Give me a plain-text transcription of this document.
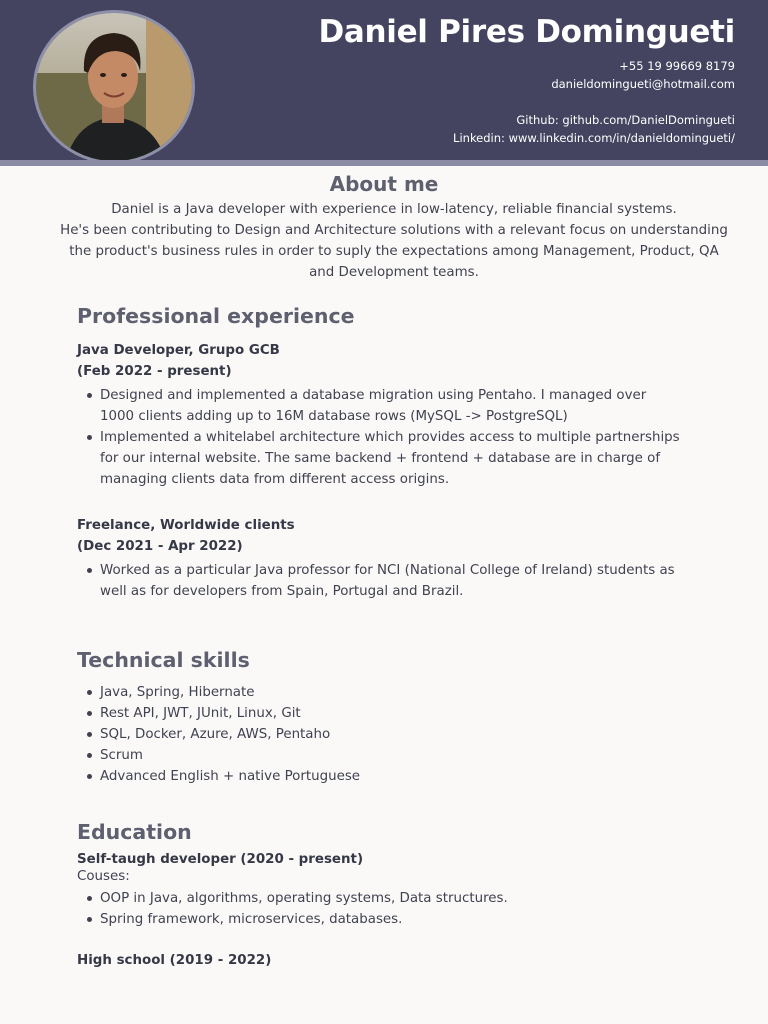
Daniel Pires Domingueti
+55 19 99669 8179
danieldomingueti@hotmail.com
Github: github.com/DanielDomingueti
Linkedin: www.linkedin.com/in/danieldomingueti/
About me
Daniel is a Java developer with experience in low-latency, reliable financial systems.
He's been contributing to Design and Architecture solutions with a relevant focus on understanding
the product's business rules in order to suply the expectations among Management, Product, QA
and Development teams.
Professional experience
Java Developer, Grupo GCB
(Feb 2022 - present)
Designed and implemented a database migration using Pentaho. I managed over
1000 clients adding up to 16M database rows (MySQL -> PostgreSQL)
Implemented a whitelabel architecture which provides access to multiple partnerships
for our internal website. The same backend + frontend + database are in charge of
managing clients data from different access origins.
Freelance, Worldwide clients
(Dec 2021 - Apr 2022)
Worked as a particular Java professor for NCI (National College of Ireland) students as
well as for developers from Spain, Portugal and Brazil.
Technical skills
Java, Spring, Hibernate
Rest API, JWT, JUnit, Linux, Git
SQL, Docker, Azure, AWS, Pentaho
Scrum
Advanced English + native Portuguese
Education
Self-taugh developer (2020 - present)
Couses:
OOP in Java, algorithms, operating systems, Data structures.
Spring framework, microservices, databases.
High school (2019 - 2022)
